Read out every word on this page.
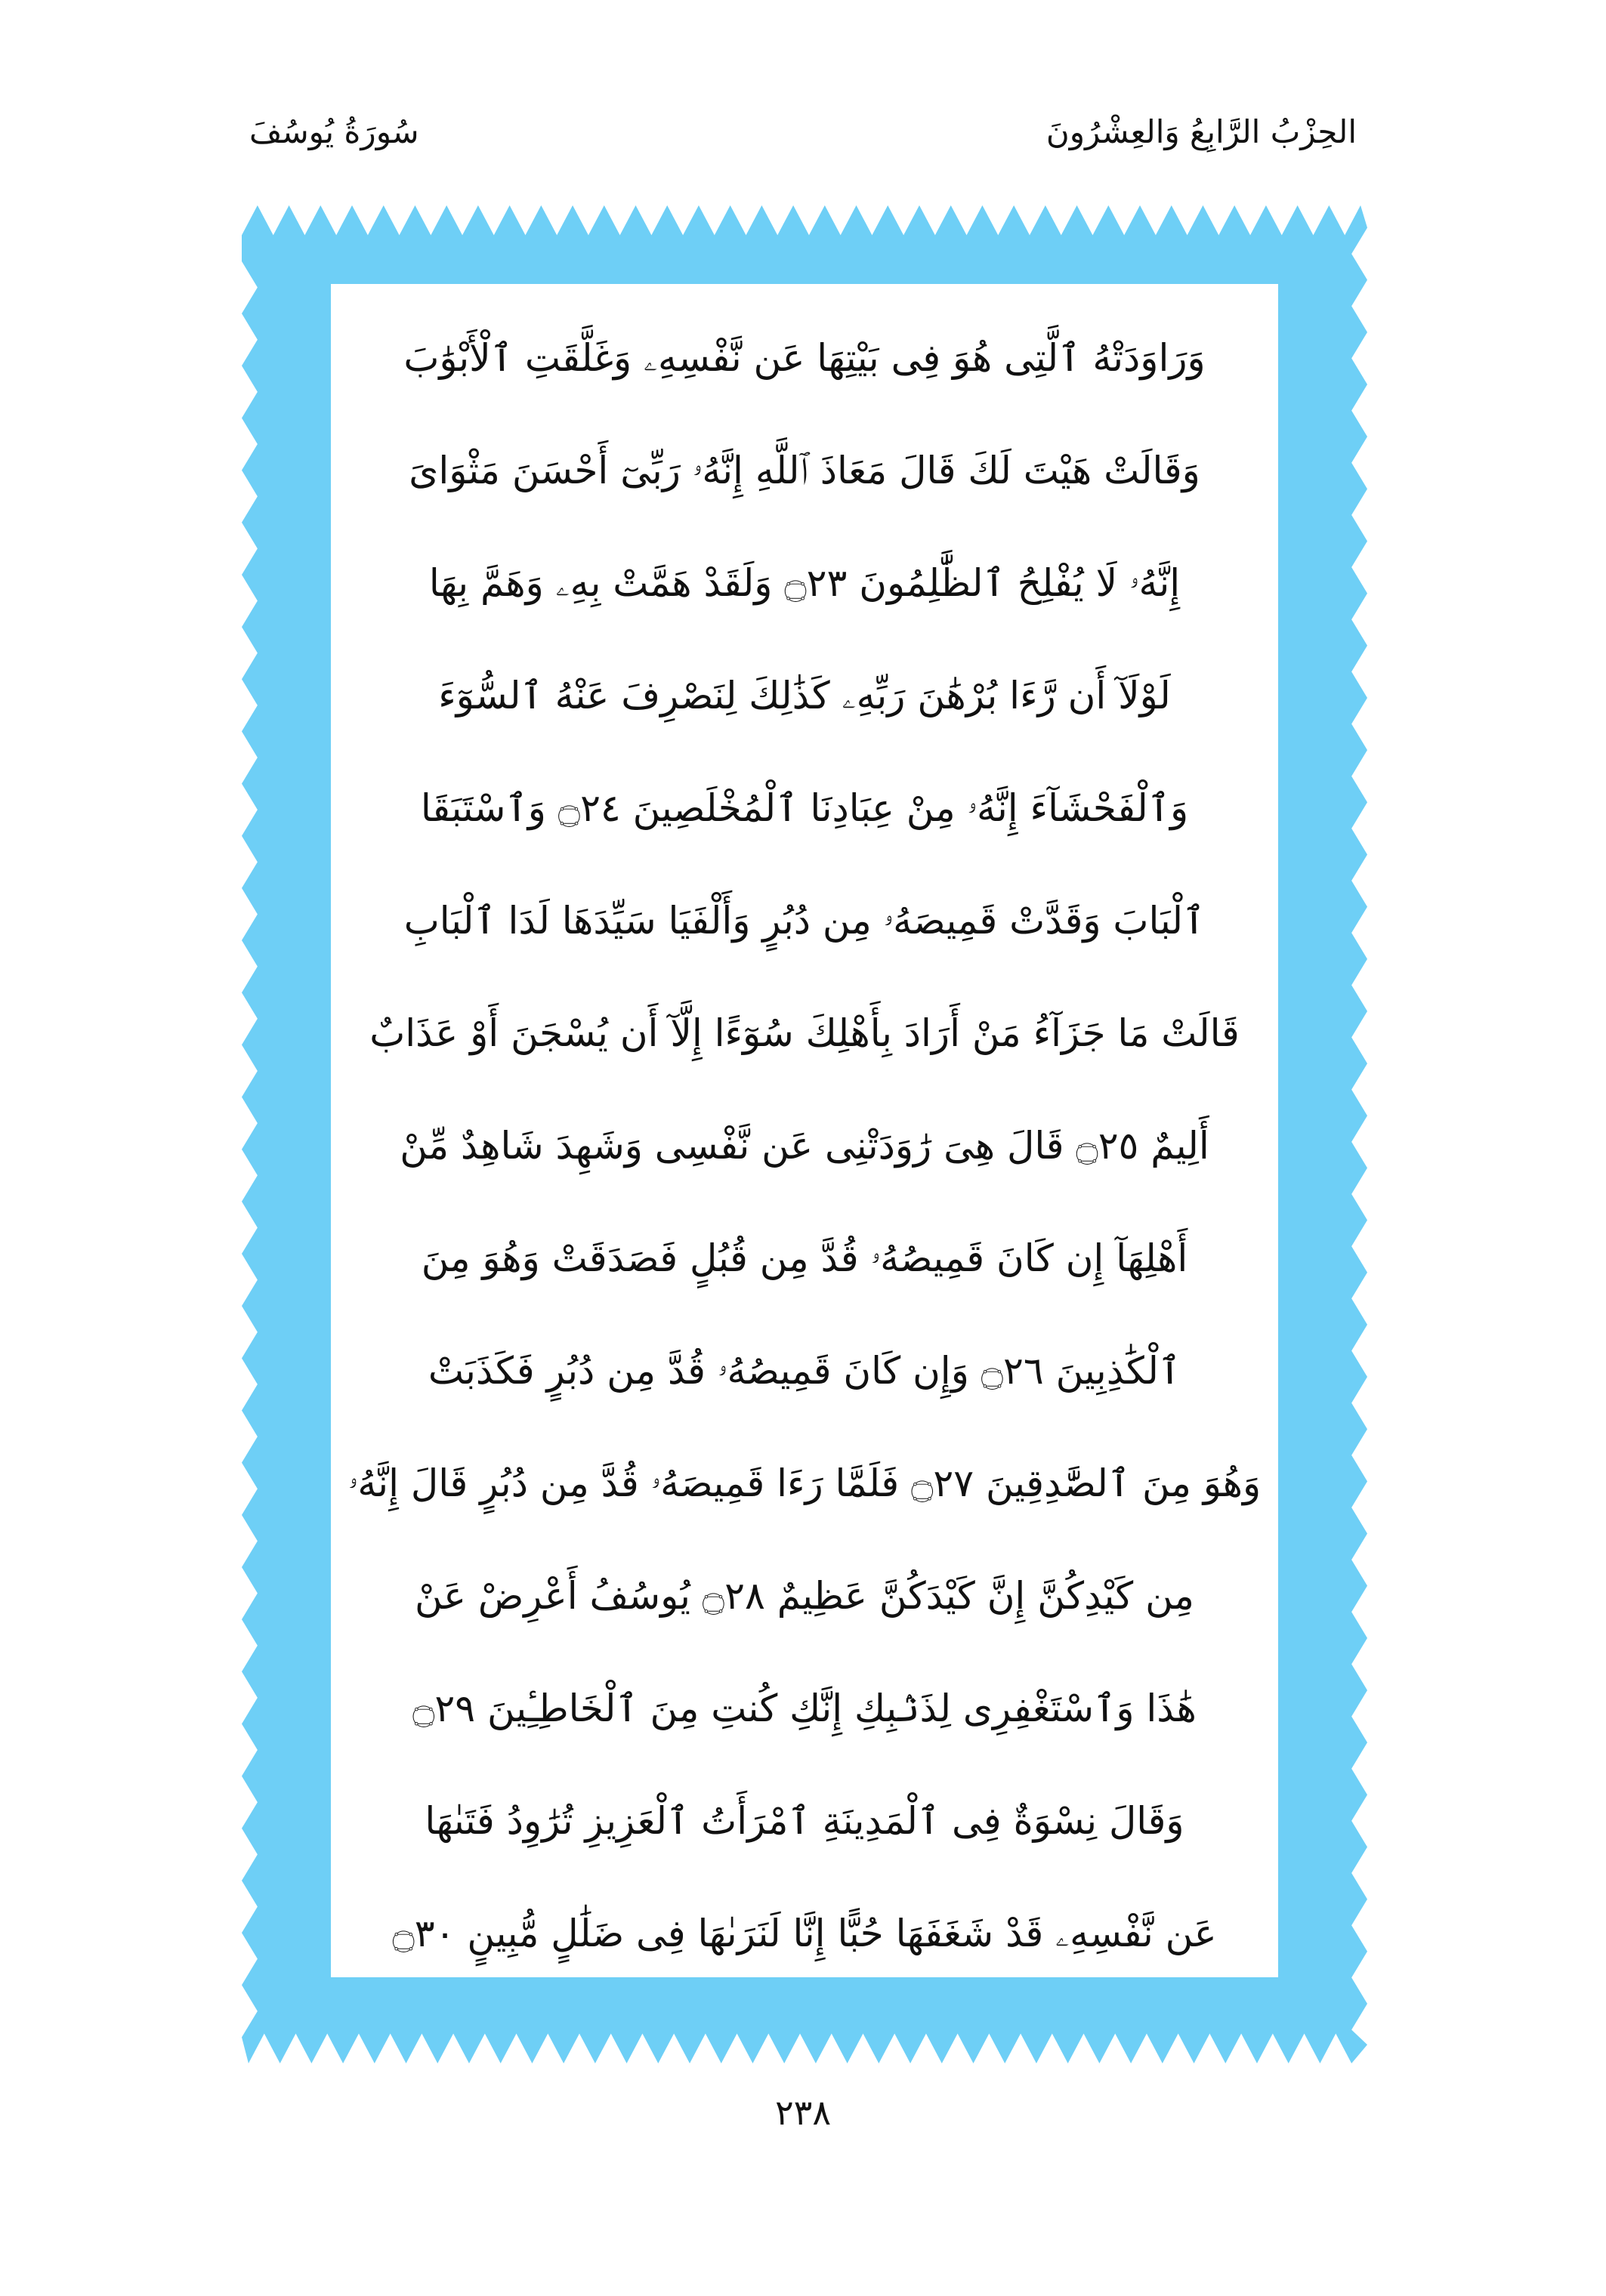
سُورَةُ يُوسُفَ	الحِزْبُ الرَّابِعُ وَالعِشْرُونَ
وَرَاوَدَتْهُ ٱلَّتِى هُوَ فِى بَيْتِهَا عَن نَّفْسِهِۦ وَغَلَّقَتِ ٱلْأَبْوَٰبَ
وَقَالَتْ هَيْتَ لَكَ قَالَ مَعَاذَ ٱللَّهِ إِنَّهُۥ رَبِّىٓ أَحْسَنَ مَثْوَاىَ
إِنَّهُۥ لَا يُفْلِحُ ٱلظَّٰلِمُونَ ۝٢٣ وَلَقَدْ هَمَّتْ بِهِۦ وَهَمَّ بِهَا
لَوْلَآ أَن رَّءَا بُرْهَٰنَ رَبِّهِۦ كَذَٰلِكَ لِنَصْرِفَ عَنْهُ ٱلسُّوٓءَ
وَٱلْفَحْشَآءَ إِنَّهُۥ مِنْ عِبَادِنَا ٱلْمُخْلَصِينَ ۝٢٤ وَٱسْتَبَقَا
ٱلْبَابَ وَقَدَّتْ قَمِيصَهُۥ مِن دُبُرٍ وَأَلْفَيَا سَيِّدَهَا لَدَا ٱلْبَابِ
قَالَتْ مَا جَزَآءُ مَنْ أَرَادَ بِأَهْلِكَ سُوٓءًا إِلَّآ أَن يُسْجَنَ أَوْ عَذَابٌ
أَلِيمٌ ۝٢٥ قَالَ هِىَ رَٰوَدَتْنِى عَن نَّفْسِى وَشَهِدَ شَاهِدٌ مِّنْ
أَهْلِهَآ إِن كَانَ قَمِيصُهُۥ قُدَّ مِن قُبُلٍ فَصَدَقَتْ وَهُوَ مِنَ
ٱلْكَٰذِبِينَ ۝٢٦ وَإِن كَانَ قَمِيصُهُۥ قُدَّ مِن دُبُرٍ فَكَذَبَتْ
وَهُوَ مِنَ ٱلصَّٰدِقِينَ ۝٢٧ فَلَمَّا رَءَا قَمِيصَهُۥ قُدَّ مِن دُبُرٍ قَالَ إِنَّهُۥ
مِن كَيْدِكُنَّ إِنَّ كَيْدَكُنَّ عَظِيمٌ ۝٢٨ يُوسُفُ أَعْرِضْ عَنْ
هَٰذَا وَٱسْتَغْفِرِى لِذَنۢبِكِ إِنَّكِ كُنتِ مِنَ ٱلْخَاطِـِٔينَ ۝٢٩
وَقَالَ نِسْوَةٌ فِى ٱلْمَدِينَةِ ٱمْرَأَتُ ٱلْعَزِيزِ تُرَٰوِدُ فَتَىٰهَا
عَن نَّفْسِهِۦ قَدْ شَغَفَهَا حُبًّا إِنَّا لَنَرَىٰهَا فِى ضَلَٰلٍ مُّبِينٍ ۝٣٠
٢٣٨
